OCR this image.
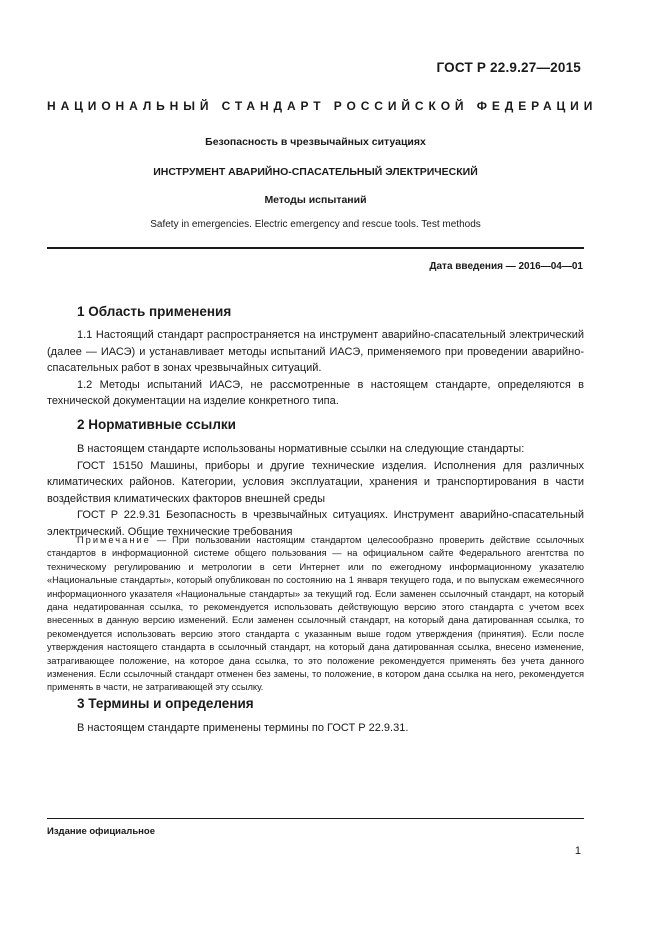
ГОСТ Р 22.9.27—2015
НАЦИОНАЛЬНЫЙ СТАНДАРТ РОССИЙСКОЙ ФЕДЕРАЦИИ
Безопасность в чрезвычайных ситуациях
ИНСТРУМЕНТ АВАРИЙНО-СПАСАТЕЛЬНЫЙ ЭЛЕКТРИЧЕСКИЙ
Методы испытаний
Safety in emergencies. Electric emergency and rescue tools. Test methods
Дата введения — 2016—04—01
1 Область применения

1.1 Настоящий стандарт распространяется на инструмент аварийно-спасательный электрический (далее — ИАСЭ) и устанавливает методы испытаний ИАСЭ, применяемого при проведении аварийно-спасательных работ в зонах чрезвычайных ситуаций.

1.2 Методы испытаний ИАСЭ, не рассмотренные в настоящем стандарте, определяются в технической документации на изделие конкретного типа.

2 Нормативные ссылки

В настоящем стандарте использованы нормативные ссылки на следующие стандарты:

ГОСТ 15150 Машины, приборы и другие технические изделия. Исполнения для различных климатических районов. Категории, условия эксплуатации, хранения и транспортирования в части воздействия климатических факторов внешней среды

ГОСТ Р 22.9.31 Безопасность в чрезвычайных ситуациях. Инструмент аварийно-спасательный электрический. Общие технические требования

Примечание — При пользовании настоящим стандартом целесообразно проверить действие ссылочных стандартов в информационной системе общего пользования — на официальном сайте Федерального агентства по техническому регулированию и метрологии в сети Интернет или по ежегодному информационному указателю «Национальные стандарты», который опубликован по состоянию на 1 января текущего года, и по выпускам ежемесячного информационного указателя «Национальные стандарты» за текущий год. Если заменен ссылочный стандарт, на который дана недатированная ссылка, то рекомендуется использовать действующую версию этого стандарта с учетом всех внесенных в данную версию изменений. Если заменен ссылочный стандарт, на который дана датированная ссылка, то рекомендуется использовать версию этого стандарта с указанным выше годом утверждения (принятия). Если после утверждения настоящего стандарта в ссылочный стандарт, на который дана датированная ссылка, внесено изменение, затрагивающее положение, на которое дана ссылка, то это положение рекомендуется применять без учета данного изменения. Если ссылочный стандарт отменен без замены, то положение, в котором дана ссылка на него, рекомендуется применять в части, не затрагивающей эту ссылку.

3 Термины и определения

В настоящем стандарте применены термины по ГОСТ Р 22.9.31.

Издание официальное
1
